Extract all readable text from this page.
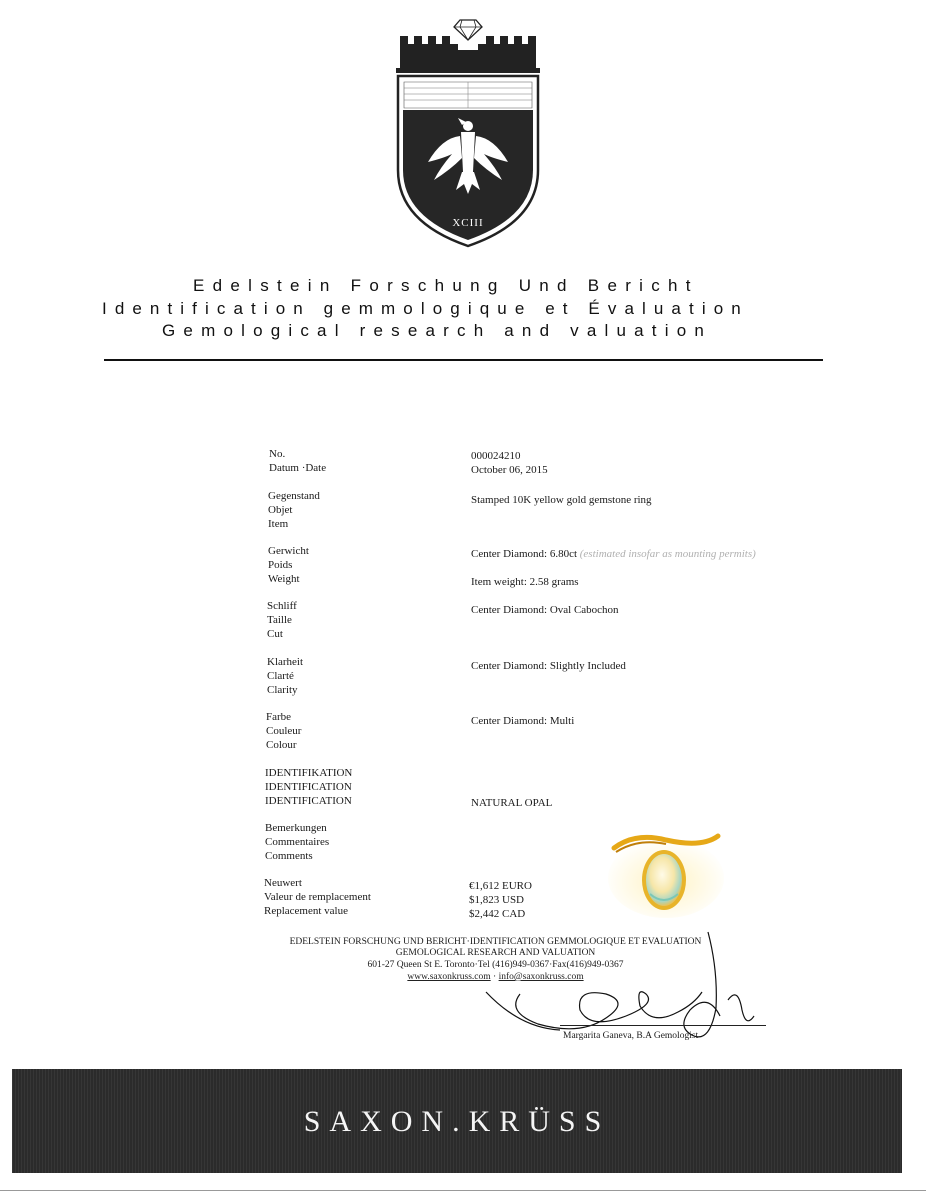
XCIII
Edelstein Forschung Und Bericht
Identification gemmologique et Évaluation
Gemological research and valuation
No.
Datum ·Date
000024210
October 06, 2015
Gegenstand
Objet
Item
Stamped 10K yellow gold gemstone ring
Gerwicht
Poids
Weight
Center Diamond: 6.80ct (estimated insofar as mounting permits)
Item weight: 2.58 grams
Schliff
Taille
Cut
Center Diamond: Oval Cabochon
Klarheit
Clarté
Clarity
Center Diamond: Slightly Included
Farbe
Couleur
Colour
Center Diamond: Multi
IDENTIFIKATION
IDENTIFICATION
IDENTIFICATION	NATURAL OPAL
Bemerkungen
Commentaires
Comments
Neuwert
Valeur de remplacement
Replacement value
€1,612 EURO
$1,823 USD
$2,442 CAD
EDELSTEIN FORSCHUNG UND BERICHT·IDENTIFICATION GEMMOLOGIQUE ET EVALUATION
GEMOLOGICAL RESEARCH AND VALUATION
601-27 Queen St E. Toronto·Tel (416)949-0367·Fax(416)949-0367
www.saxonkruss.com · info@saxonkruss.com
Margarita Ganeva, B.A Gemologist
SAXON.KRÜSS
